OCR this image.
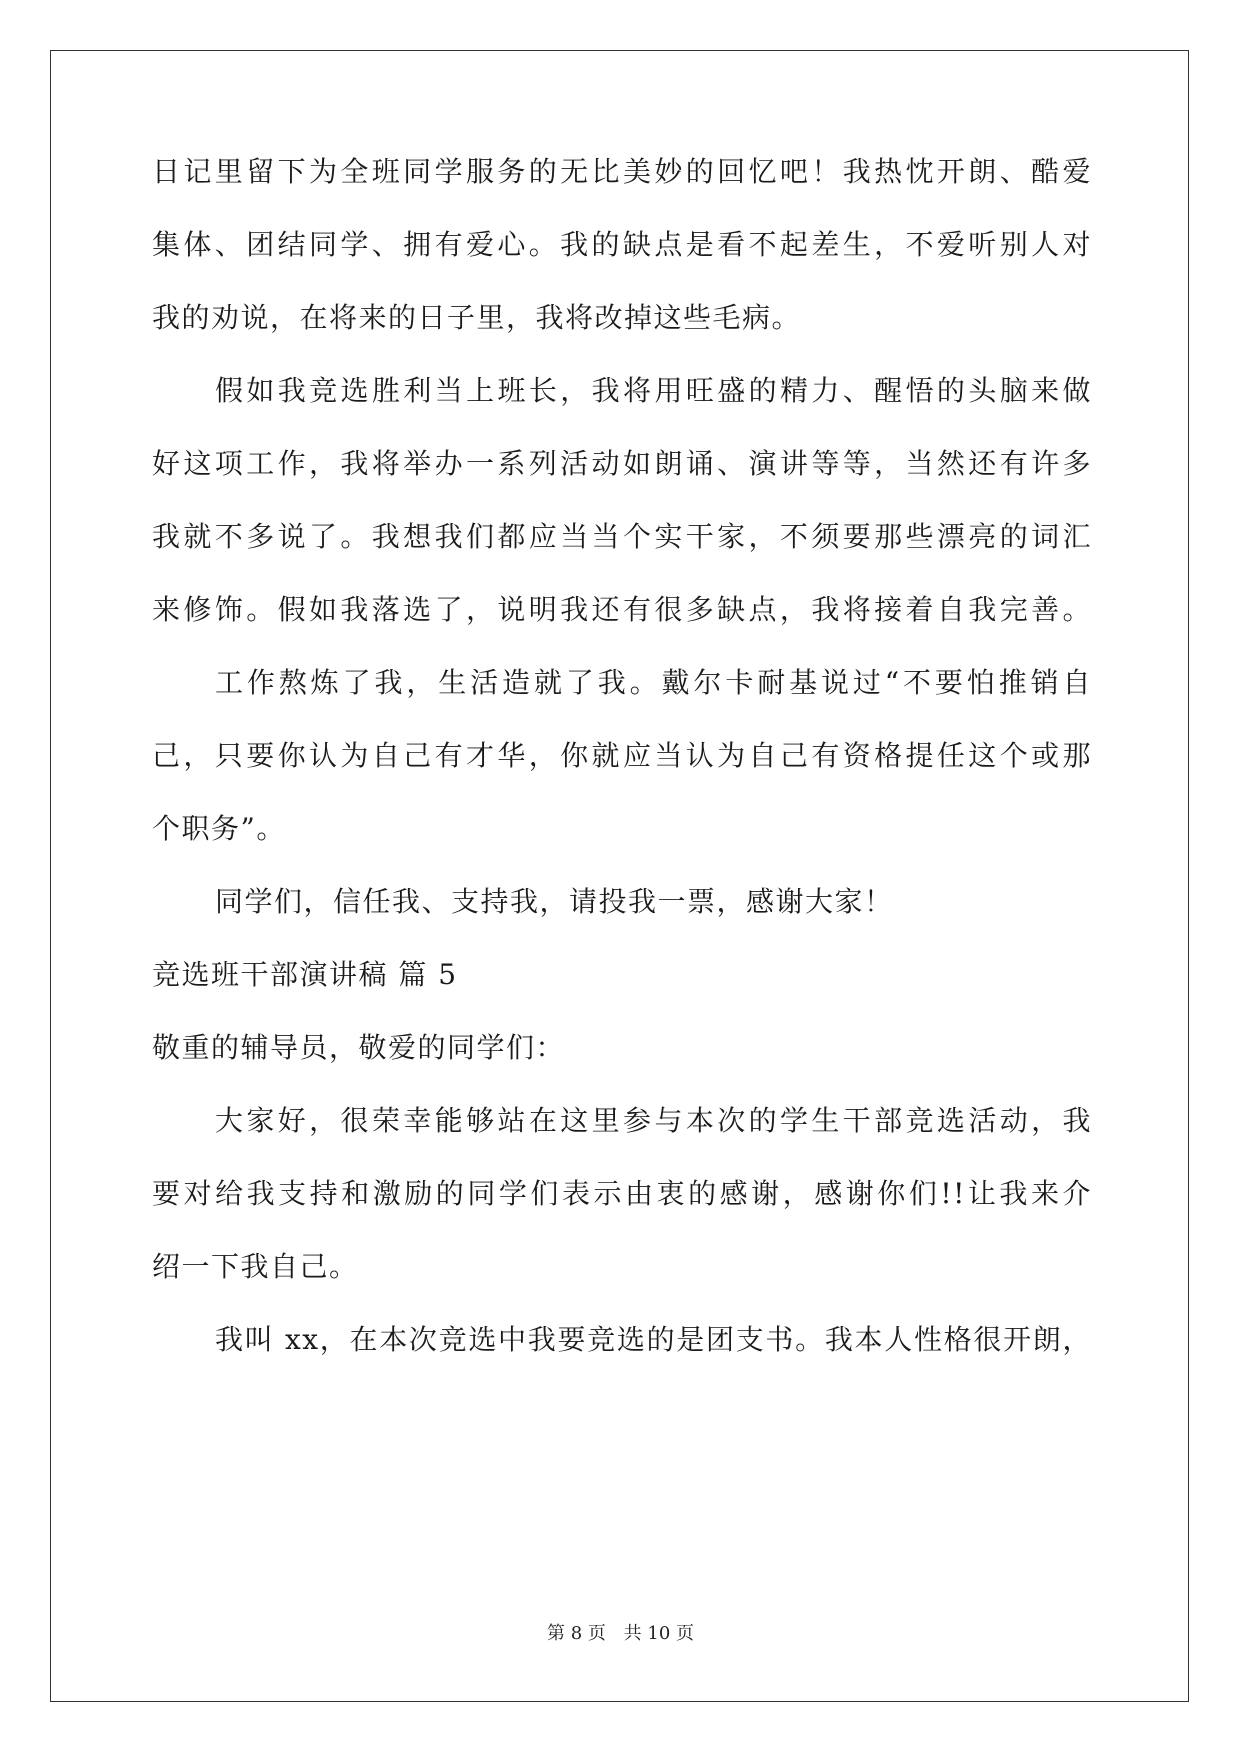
日记里留下为全班同学服务的无比美妙的回忆吧！我热忱开朗、酷爱
集体、团结同学、拥有爱心。我的缺点是看不起差生，不爱听别人对
我的劝说，在将来的日子里，我将改掉这些毛病。
假如我竞选胜利当上班长，我将用旺盛的精力、醒悟的头脑来做
好这项工作，我将举办一系列活动如朗诵、演讲等等，当然还有许多
我就不多说了。我想我们都应当当个实干家，不须要那些漂亮的词汇
来修饰。假如我落选了，说明我还有很多缺点，我将接着自我完善。
工作熬炼了我，生活造就了我。戴尔卡耐基说过“不要怕推销自
己，只要你认为自己有才华，你就应当认为自己有资格提任这个或那
个职务”。
同学们，信任我、支持我，请投我一票，感谢大家！
竞选班干部演讲稿 篇 5
敬重的辅导员，敬爱的同学们：
大家好，很荣幸能够站在这里参与本次的学生干部竞选活动，我
要对给我支持和激励的同学们表示由衷的感谢，感谢你们!!让我来介
绍一下我自己。
我叫 xx，在本次竞选中我要竞选的是团支书。我本人性格很开朗，
第 8 页 共 10 页
